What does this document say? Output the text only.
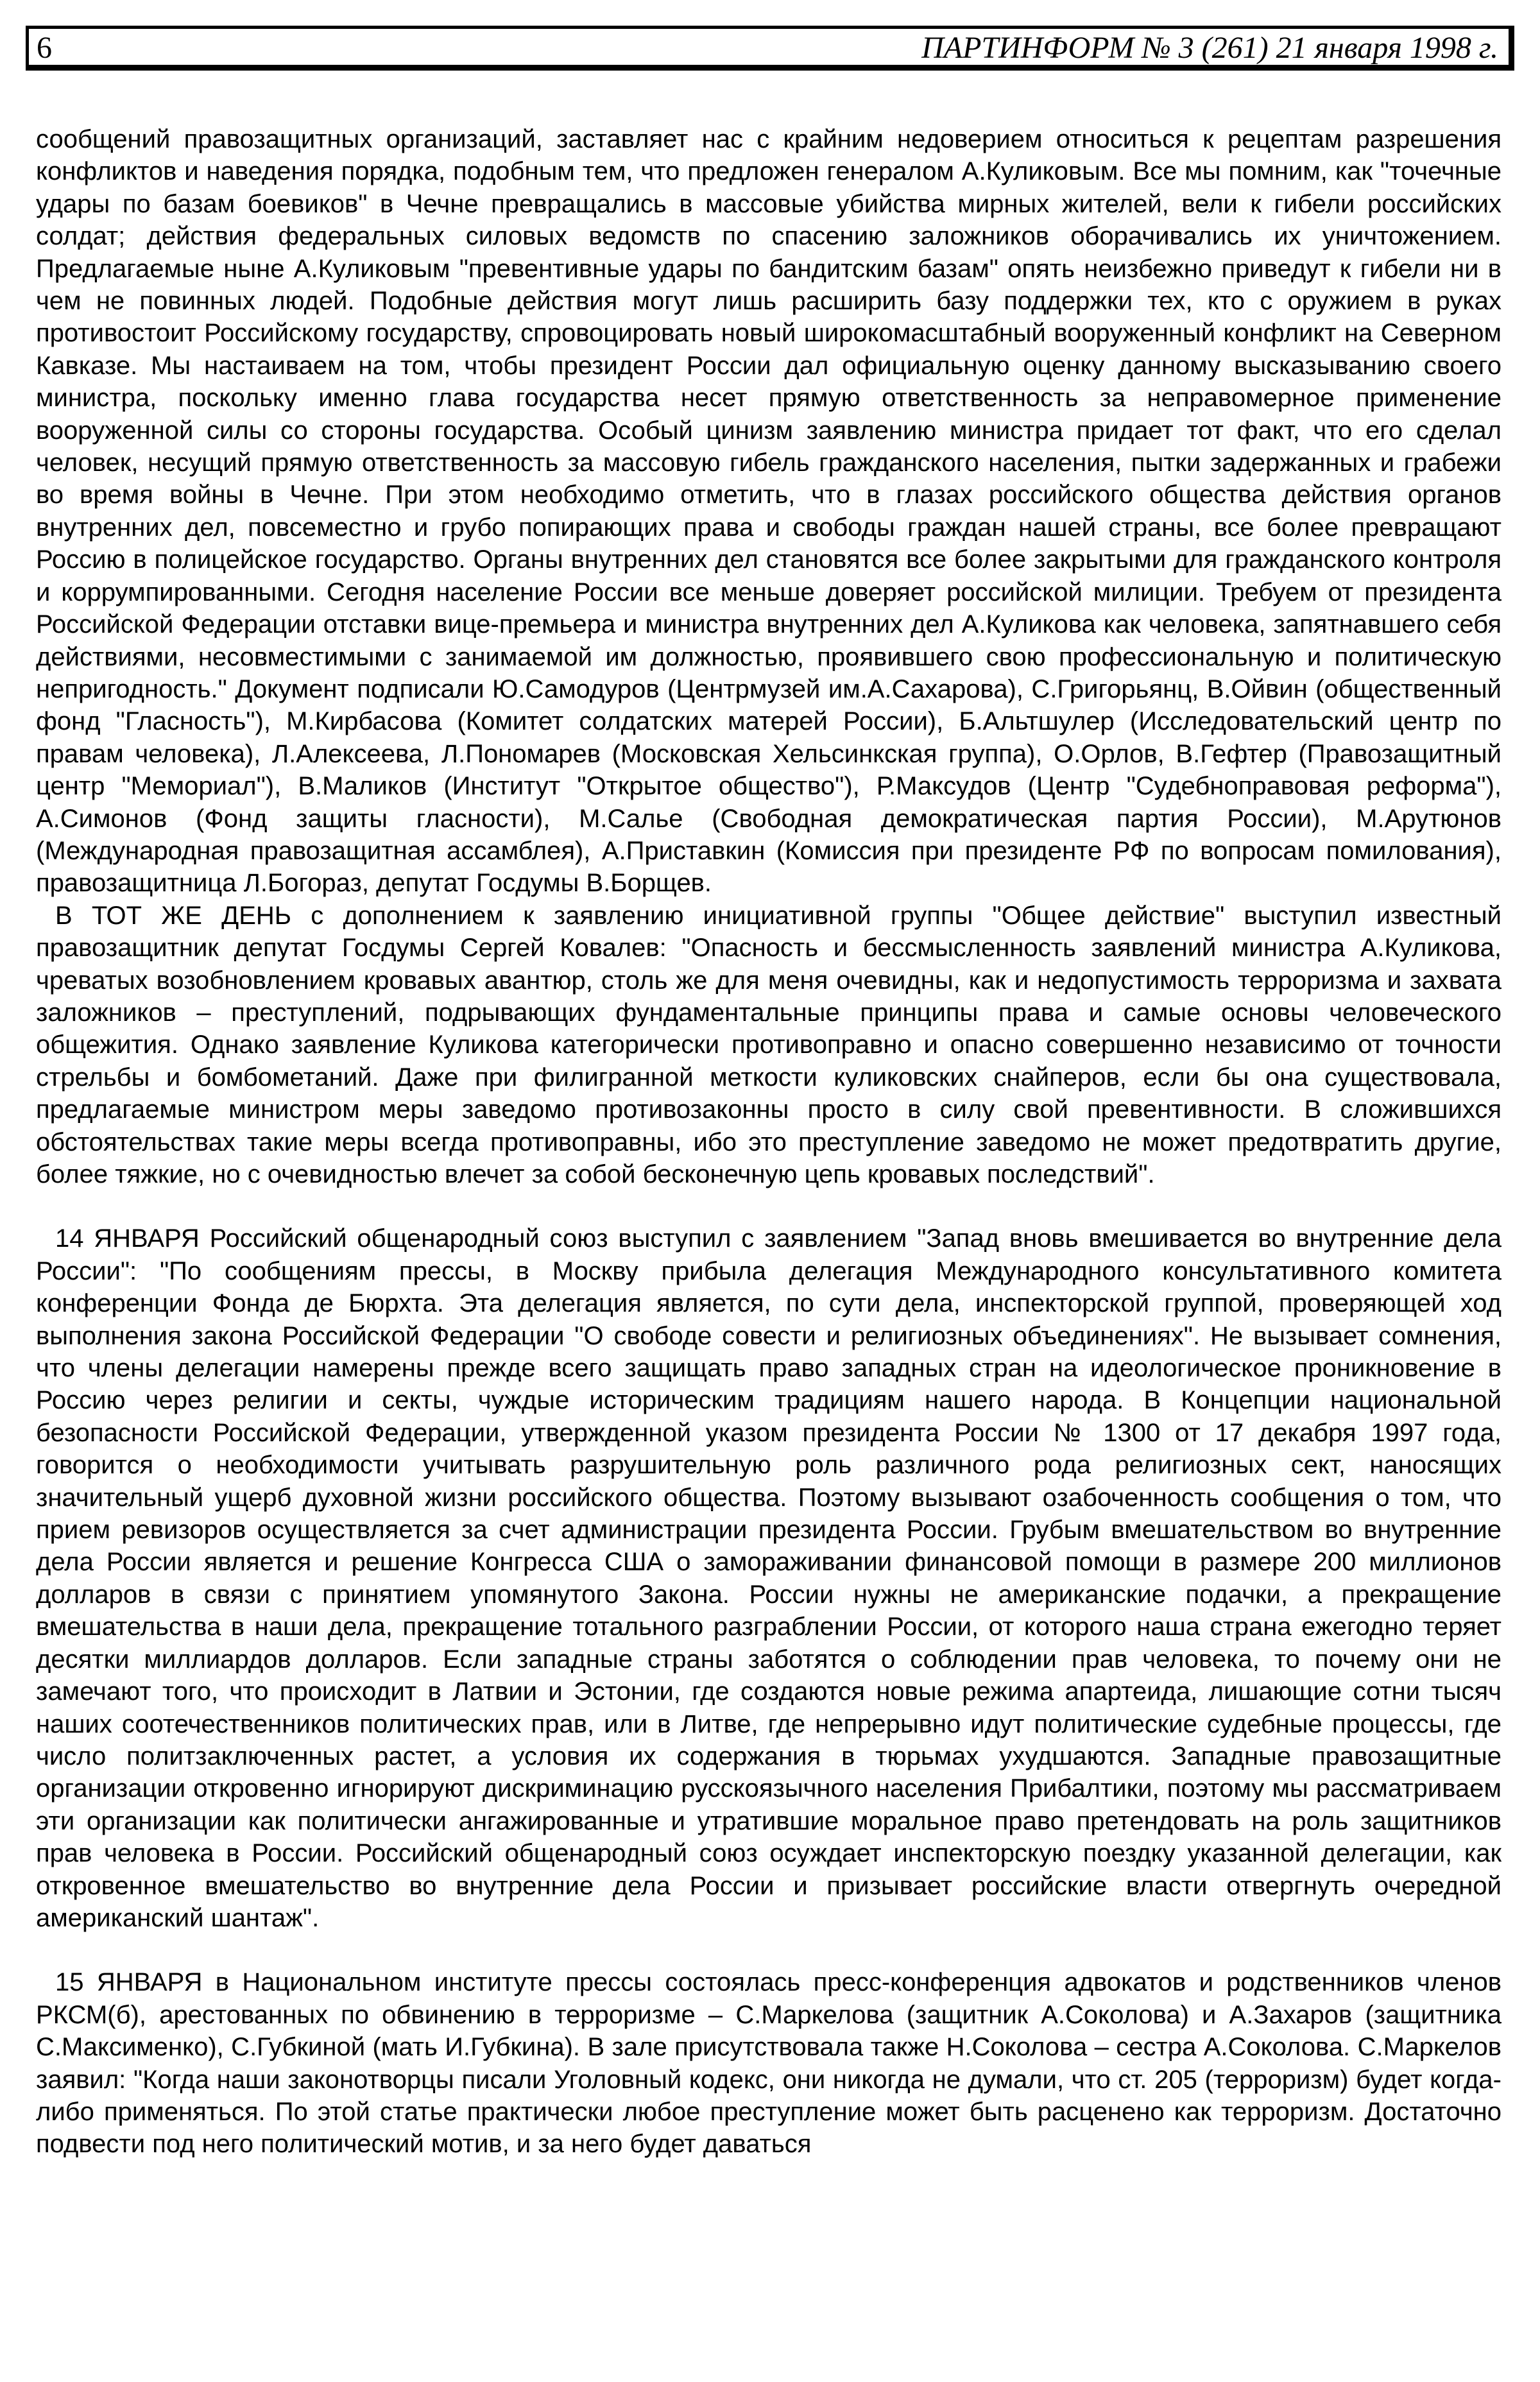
6	ПАРТИНФОРМ № 3 (261) 21 января 1998 г.

сообщений правозащитных организаций, заставляет нас с крайним недоверием относиться к рецептам разрешения конфликтов и наведения порядка, подобным тем, что предложен генералом А.Куликовым. Все мы помним, как "точечные удары по базам боевиков" в Чечне превращались в массовые убийства мирных жителей, вели к гибели российских солдат; действия федеральных силовых ведомств по спасению заложников оборачивались их уничтожением. Предлагаемые ныне А.Куликовым "превентивные удары по бандитским базам" опять неизбежно приведут к гибели ни в чем не повинных людей. Подобные действия могут лишь расширить базу поддержки тех, кто с оружием в руках противостоит Российскому государству, спровоцировать новый широкомасштабный вооруженный конфликт на Северном Кавказе. Мы настаиваем на том, чтобы президент России дал официальную оценку данному высказыванию своего министра, поскольку именно глава государства несет прямую ответственность за неправомерное применение вооруженной силы со стороны государства. Особый цинизм заявлению министра придает тот факт, что его сделал человек, несущий прямую ответственность за массовую гибель гражданского населения, пытки задержанных и грабежи во время войны в Чечне. При этом необходимо отметить, что в глазах российского общества действия органов внутренних дел, повсеместно и грубо попирающих права и свободы граждан нашей страны, все более превращают Россию в полицейское государство. Органы внутренних дел становятся все более закрытыми для гражданского контроля и коррумпированными. Сегодня население России все меньше доверяет российской милиции. Требуем от президента Российской Федерации отставки вице-премьера и министра внутренних дел А.Куликова как человека, запятнавшего себя действиями, несовместимыми с занимаемой им должностью, проявившего свою профессиональную и политическую непригодность." Документ подписали Ю.Самодуров (Центрмузей им.А.Сахарова), С.Григорьянц, В.Ойвин (общественный фонд "Гласность"), М.Кирбасова (Комитет солдатских матерей России), Б.Альтшулер (Исследовательский центр по правам человека), Л.Алексеева, Л.Пономарев (Московская Хельсинкская группа), О.Орлов, В.Гефтер (Правозащитный центр "Мемориал"), В.Маликов (Институт "Открытое общество"), Р.Максудов (Центр "Судебноправовая реформа"), А.Симонов (Фонд защиты гласности), М.Салье (Свободная демократическая партия России), М.Арутюнов (Международная правозащитная ассамблея), А.Приставкин (Комиссия при президенте РФ по вопросам помилования), правозащитница Л.Богораз, депутат Госдумы В.Борщев.

В ТОТ ЖЕ ДЕНЬ с дополнением к заявлению инициативной группы "Общее действие" выступил известный правозащитник депутат Госдумы Сергей Ковалев: "Опасность и бессмысленность заявлений министра А.Куликова, чреватых возобновлением кровавых авантюр, столь же для меня очевидны, как и недопустимость терроризма и захвата заложников – преступлений, подрывающих фундаментальные принципы права и самые основы человеческого общежития. Однако заявление Куликова категорически противоправно и опасно совершенно независимо от точности стрельбы и бомбометаний. Даже при филигранной меткости куликовских снайперов, если бы она существовала, предлагаемые министром меры заведомо противозаконны просто в силу свой превентивности. В сложившихся обстоятельствах такие меры всегда противоправны, ибо это преступление заведомо не может предотвратить другие, более тяжкие, но с очевидностью влечет за собой бесконечную цепь кровавых последствий".

14 ЯНВАРЯ Российский общенародный союз выступил с заявлением "Запад вновь вмешивается во внутренние дела России": "По сообщениям прессы, в Москву прибыла делегация Международного консультативного комитета конференции Фонда де Бюрхта. Эта делегация является, по сути дела, инспекторской группой, проверяющей ход выполнения закона Российской Федерации "О свободе совести и религиозных объединениях". Не вызывает сомнения, что члены делегации намерены прежде всего защищать право западных стран на идеологическое проникновение в Россию через религии и секты, чуждые историческим традициям нашего народа. В Концепции национальной безопасности Российской Федерации, утвержденной указом президента России № 1300 от 17 декабря 1997 года, говорится о необходимости учитывать разрушительную роль различного рода религиозных сект, наносящих значительный ущерб духовной жизни российского общества. Поэтому вызывают озабоченность сообщения о том, что прием ревизоров осуществляется за счет администрации президента России. Грубым вмешательством во внутренние дела России является и решение Конгресса США о замораживании финансовой помощи в размере 200 миллионов долларов в связи с принятием упомянутого Закона. России нужны не американские подачки, а прекращение вмешательства в наши дела, прекращение тотального разграблении России, от которого наша страна ежегодно теряет десятки миллиардов долларов. Если западные страны заботятся о соблюдении прав человека, то почему они не замечают того, что происходит в Латвии и Эстонии, где создаются новые режима апартеида, лишающие сотни тысяч наших соотечественников политических прав, или в Литве, где непрерывно идут политические судебные процессы, где число политзаключенных растет, а условия их содержания в тюрьмах ухудшаются. Западные правозащитные организации откровенно игнорируют дискриминацию русскоязычного населения Прибалтики, поэтому мы рассматриваем эти организации как политически ангажированные и утратившие моральное право претендовать на роль защитников прав человека в России. Российский общенародный союз осуждает инспекторскую поездку указанной делегации, как откровенное вмешательство во внутренние дела России и призывает российские власти отвергнуть очередной американский шантаж".

15 ЯНВАРЯ в Национальном институте прессы состоялась пресс-конференция адвокатов и родственников членов РКСМ(б), арестованных по обвинению в терроризме – С.Маркелова (защитник А.Соколова) и А.Захаров (защитника С.Максименко), С.Губкиной (мать И.Губкина). В зале присутствовала также Н.Соколова – сестра А.Соколова. С.Маркелов заявил: "Когда наши законотворцы писали Уголовный кодекс, они никогда не думали, что ст. 205 (терроризм) будет когда-либо применяться. По этой статье практически любое преступление может быть расценено как терроризм. Достаточно подвести под него политический мотив, и за него будет даваться
